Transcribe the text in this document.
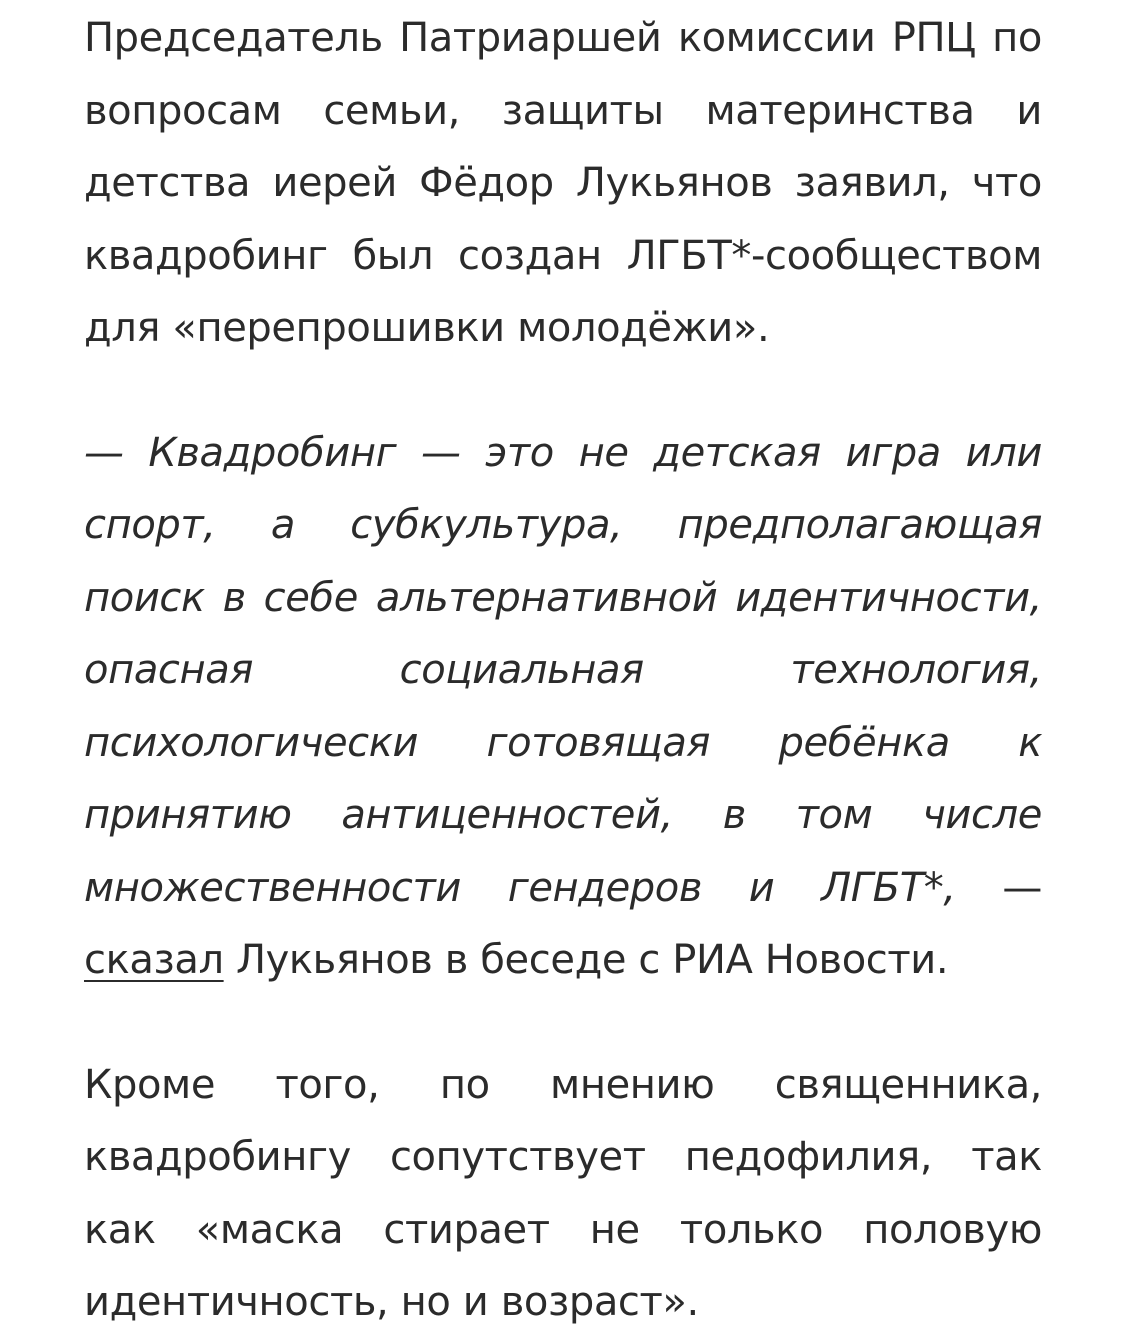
Председатель Патриаршей комиссии РПЦ по вопросам семьи, защиты материнства и детства иерей Фёдор Лукьянов заявил, что квадробинг был создан ЛГБТ*-сообществом для «перепрошивки молодёжи».

— Квадробинг — это не детская игра или спорт, а субкультура, предполагающая поиск в себе альтернативной идентичности, опасная социальная технология, психологически готовящая ребёнка к принятию антиценностей, в том числе множественности гендеров и ЛГБТ*, — сказал Лукьянов в беседе с РИА Новости.

Кроме того, по мнению священника, квадробингу сопутствует педофилия, так как «маска стирает не только половую идентичность, но и возраст».
